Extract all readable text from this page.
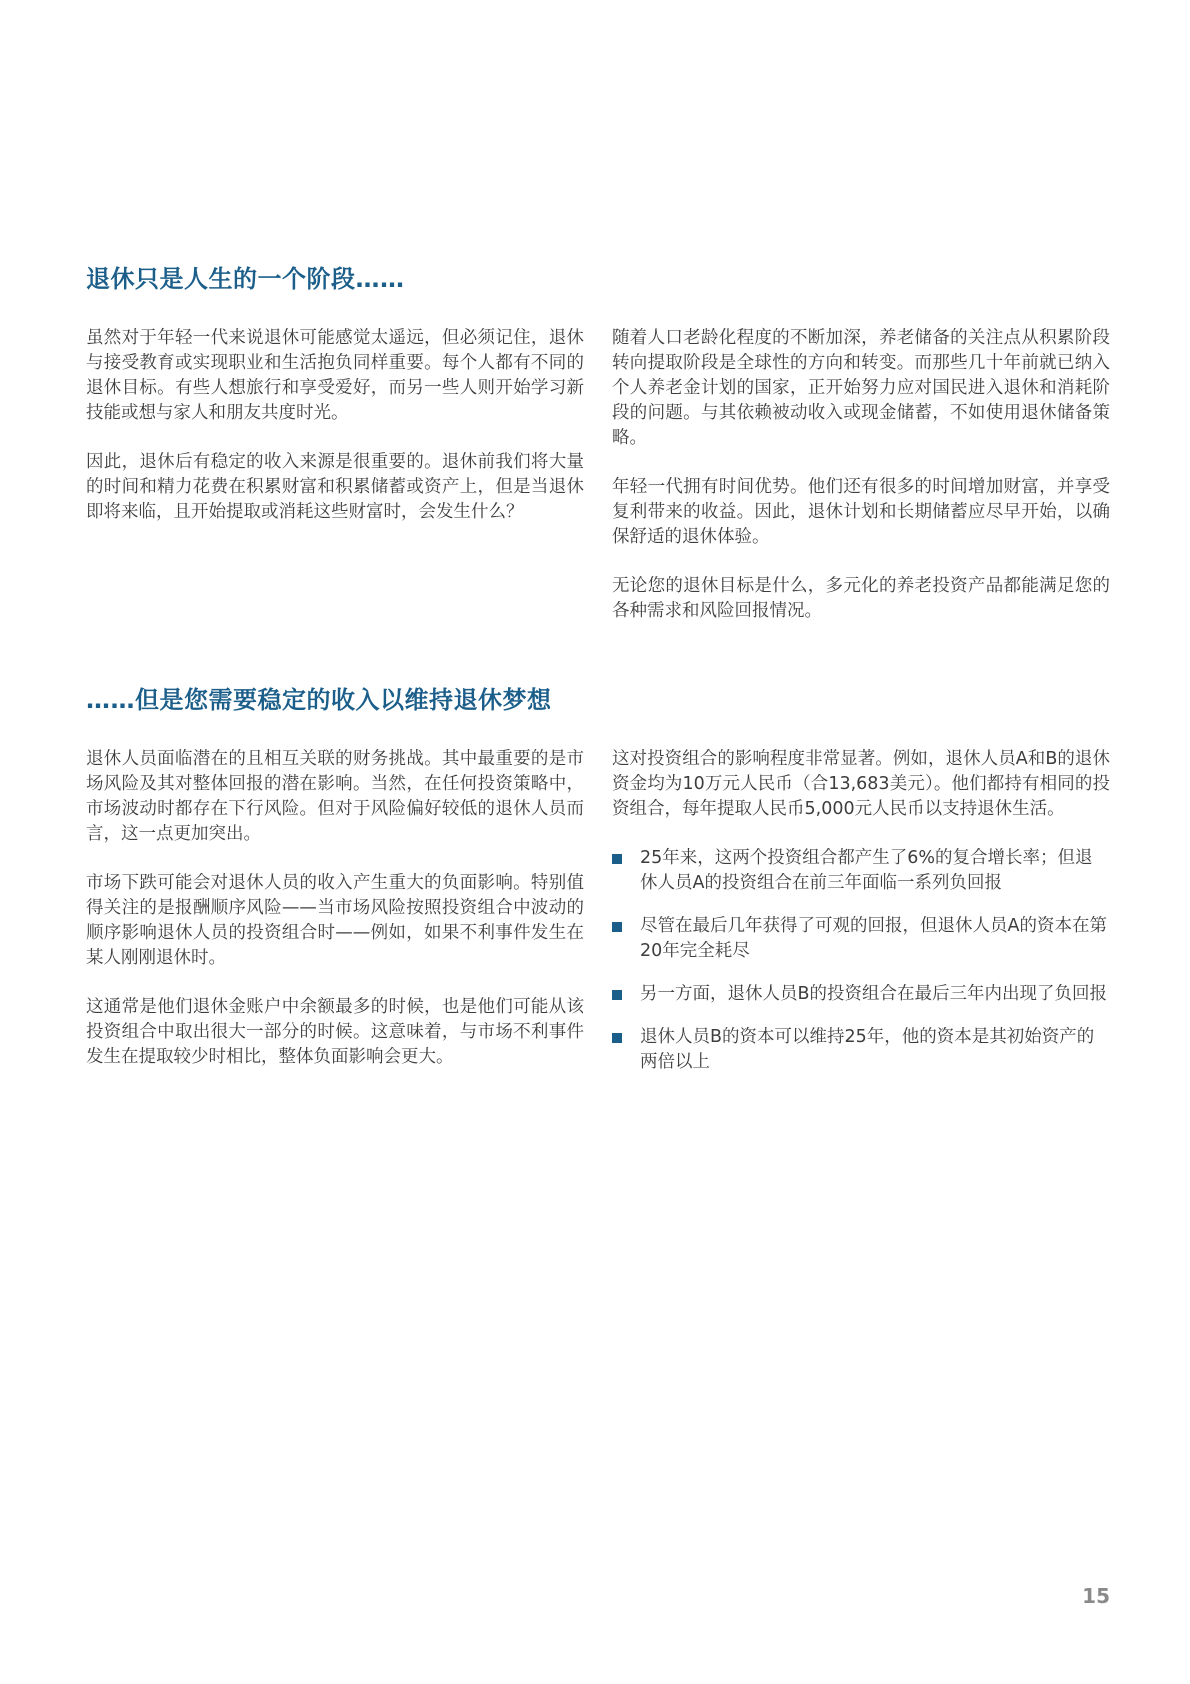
退休只是人生的一个阶段……

虽然对于年轻一代来说退休可能感觉太遥远，但必须记住，退休与接受教育或实现职业和生活抱负同样重要。每个人都有不同的退休目标。有些人想旅行和享受爱好，而另一些人则开始学习新技能或想与家人和朋友共度时光。

因此，退休后有稳定的收入来源是很重要的。退休前我们将大量的时间和精力花费在积累财富和积累储蓄或资产上，但是当退休即将来临，且开始提取或消耗这些财富时，会发生什么？

随着人口老龄化程度的不断加深，养老储备的关注点从积累阶段转向提取阶段是全球性的方向和转变。而那些几十年前就已纳入个人养老金计划的国家，正开始努力应对国民进入退休和消耗阶段的问题。与其依赖被动收入或现金储蓄，不如使用退休储备策略。

年轻一代拥有时间优势。他们还有很多的时间增加财富，并享受复利带来的收益。因此，退休计划和长期储蓄应尽早开始，以确保舒适的退休体验。

无论您的退休目标是什么，多元化的养老投资产品都能满足您的各种需求和风险回报情况。

……但是您需要稳定的收入以维持退休梦想

退休人员面临潜在的且相互关联的财务挑战。其中最重要的是市场风险及其对整体回报的潜在影响。当然，在任何投资策略中，市场波动时都存在下行风险。但对于风险偏好较低的退休人员而言，这一点更加突出。

市场下跌可能会对退休人员的收入产生重大的负面影响。特别值得关注的是报酬顺序风险——当市场风险按照投资组合中波动的顺序影响退休人员的投资组合时——例如，如果不利事件发生在某人刚刚退休时。

这通常是他们退休金账户中余额最多的时候，也是他们可能从该投资组合中取出很大一部分的时候。这意味着，与市场不利事件发生在提取较少时相比，整体负面影响会更大。

这对投资组合的影响程度非常显著。例如，退休人员A和B的退休资金均为10万元人民币（合13,683美元）。他们都持有相同的投资组合，每年提取人民币5,000元人民币以支持退休生活。

25年来，这两个投资组合都产生了6%的复合增长率；但退休人员A的投资组合在前三年面临一系列负回报
尽管在最后几年获得了可观的回报，但退休人员A的资本在第20年完全耗尽
另一方面，退休人员B的投资组合在最后三年内出现了负回报
退休人员B的资本可以维持25年，他的资本是其初始资产的两倍以上
15
